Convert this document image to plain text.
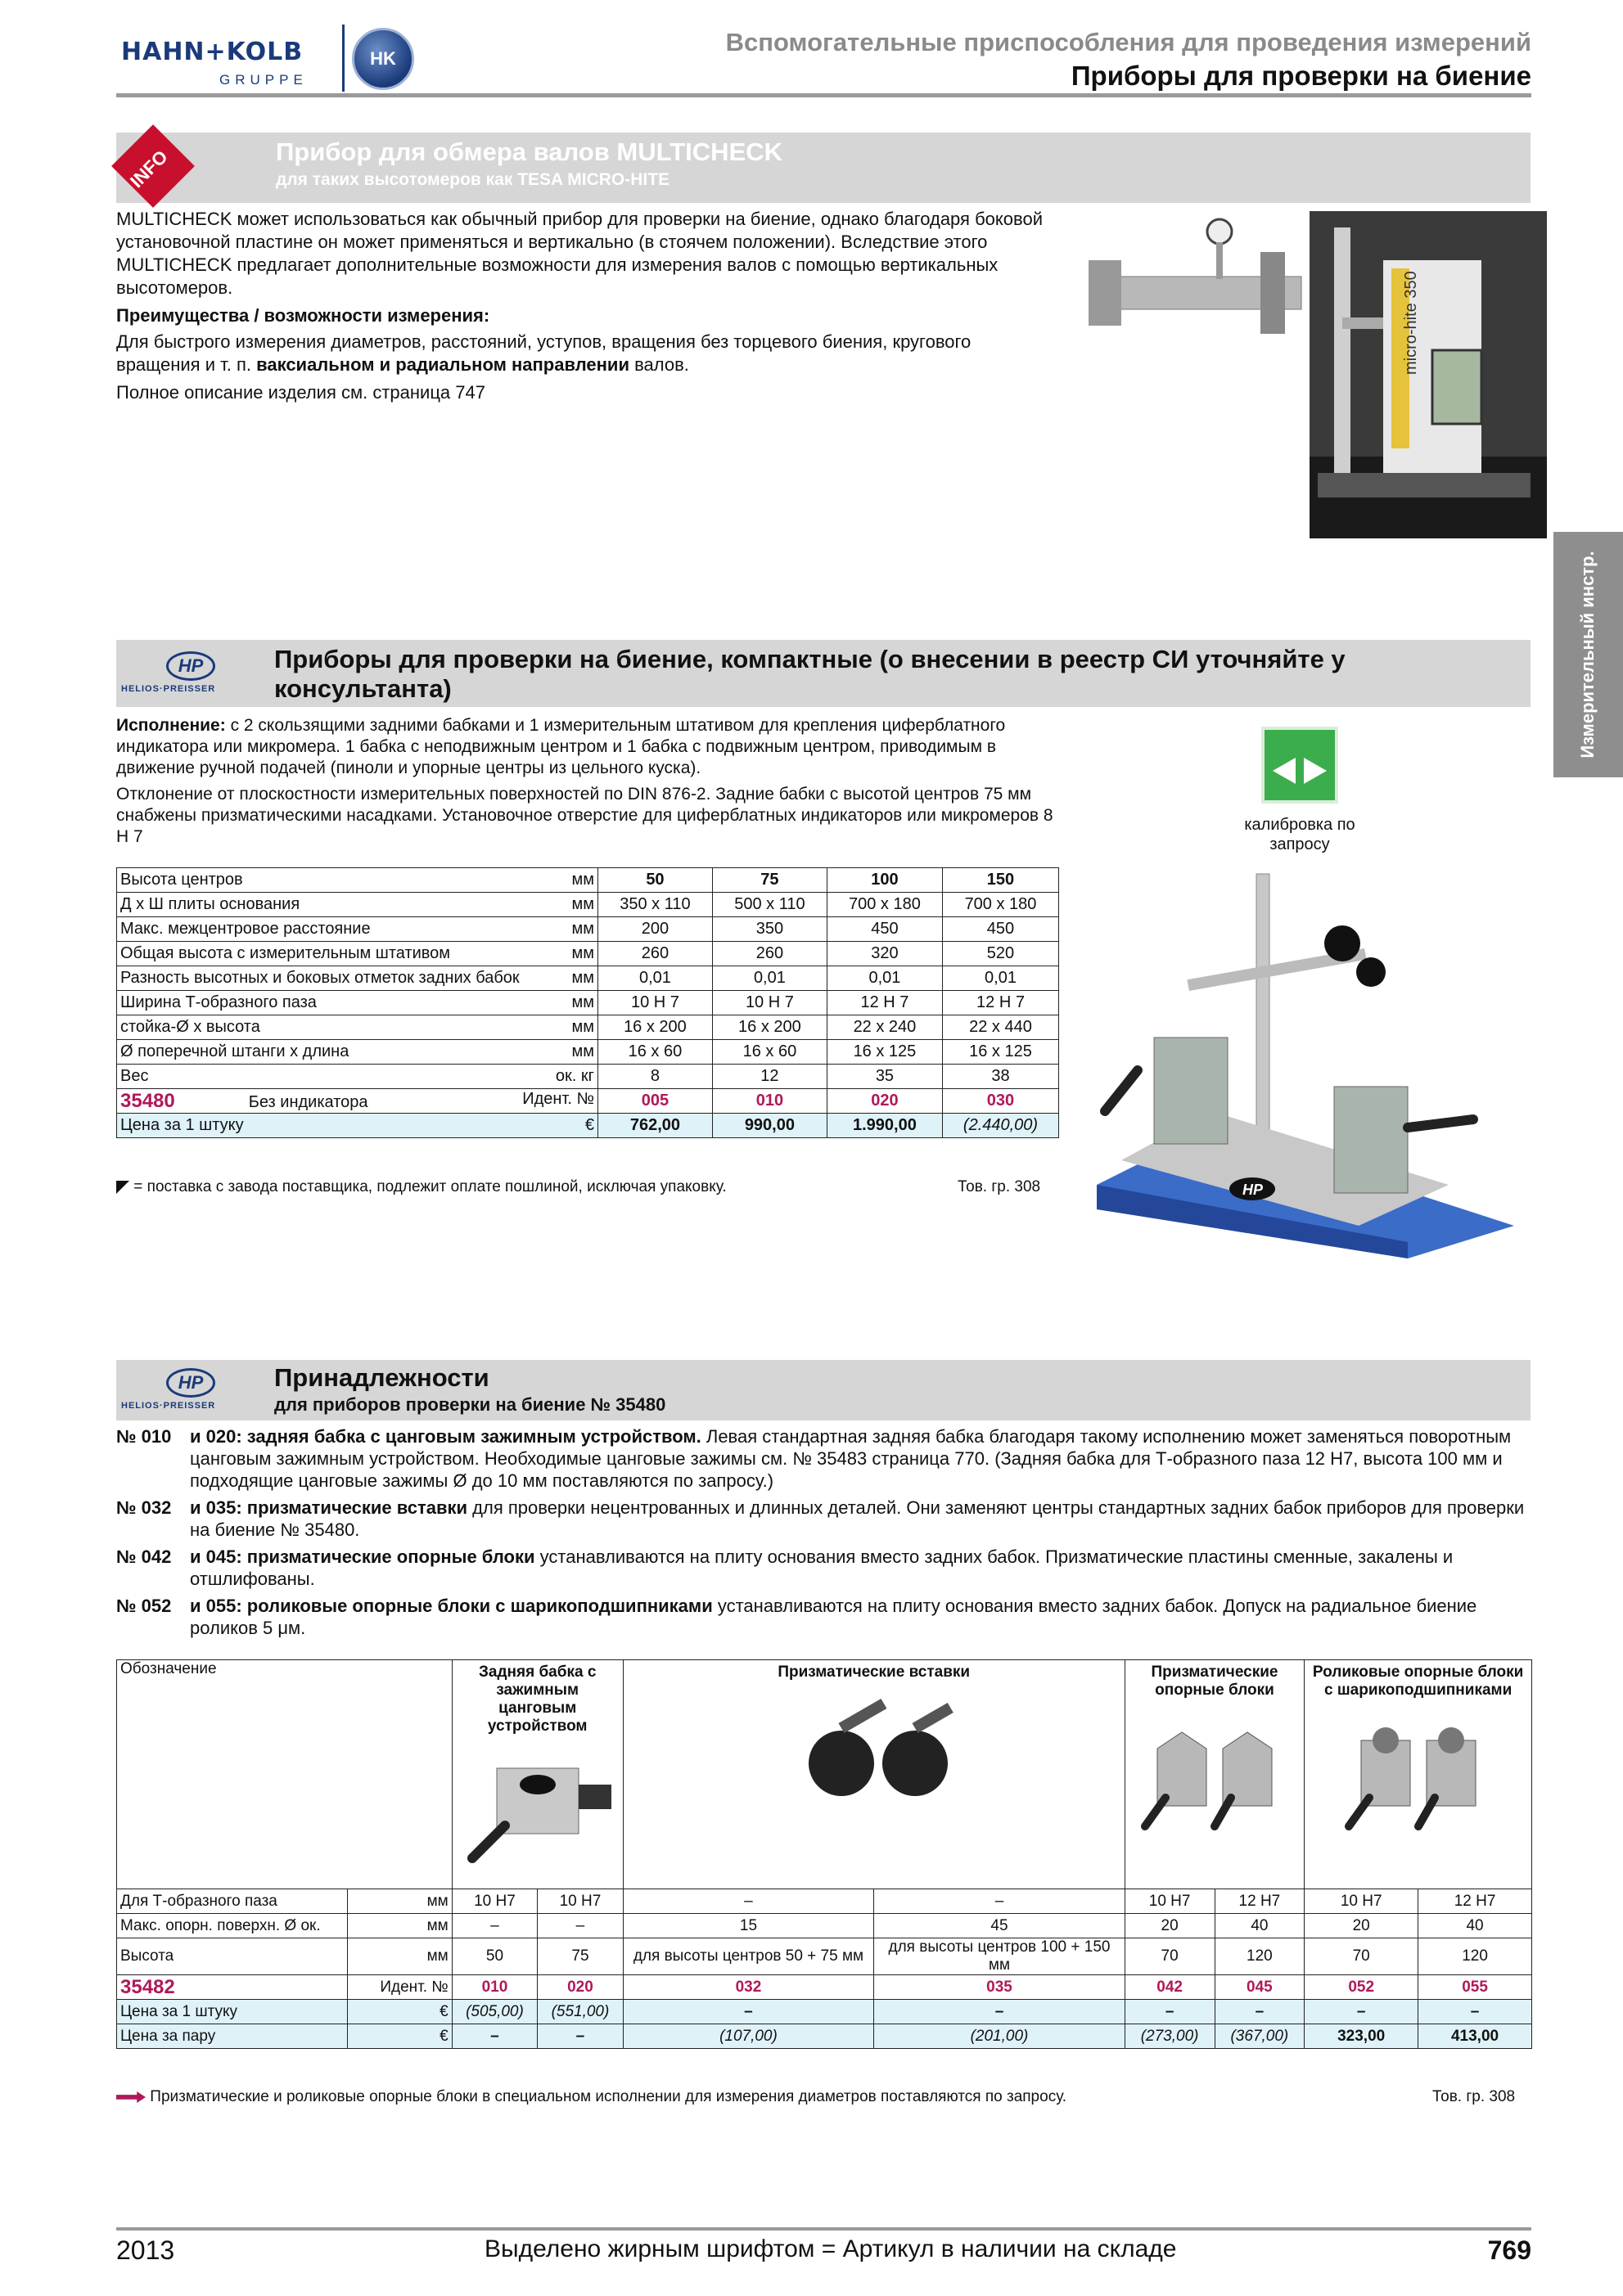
HAHN+KOLB
GRUPPE
HK
Вспомогательные приспособления для проведения измерений
Приборы для проверки на биение
Измерительный инстр.
Прибор для обмера валов MULTICHECK
для таких высотомеров как TESA MICRO-HITE
INFO
MULTICHECK может использоваться как обычный прибор для проверки на биение, однако благодаря боковой установочной пластине он может применяться и вертикально (в стоячем положении). Вследствие этого MULTICHECK предлагает дополнительные возможности для измерения валов с помощью вертикальных высотомеров.
Преимущества / возможности измерения:
Для быстрого измерения диаметров, расстояний, уступов, вращения без торцевого биения, кругового вращения и т. п. ваксиальном и радиальном направлении валов.
Полное описание изделия см. страница 747
micro-hite 350
HP
HELIOS·PREISSER
Приборы для проверки на биение, компактные (о внесении в реестр СИ уточняйте у консультанта)
Исполнение: с 2 скользящими задними бабками и 1 измерительным штативом для крепления циферблатного индикатора или микромера. 1 бабка с неподвижным центром и 1 бабка с подвижным центром, приводимым в движение ручной подачей (пиноли и упорные центры из цельного куска).
Отклонение от плоскостности измерительных поверхностей по DIN 876-2. Задние бабки с высотой центров 75 мм снабжены призматическими насадками. Установочное отверстие для циферблатных индикаторов или микромеров 8 Н 7
калибровка по запросу
Высота центров	мм	50	75	100	150
Д х Ш плиты основания	мм	350 x 110	500 x 110	700 x 180	700 x 180
Макс. межцентровое расстояние	мм	200	350	450	450
Общая высота с измерительным штативом	мм	260	260	320	520
Разность высотных и боковых отметок задних бабок	мм	0,01	0,01	0,01	0,01
Ширина Т-образного паза	мм	10 H 7	10 H 7	12 H 7	12 H 7
стойка-Ø х высота	мм	16 x 200	16 x 200	22 x 240	22 x 440
Ø поперечной штанги х длина	мм	16 x 60	16 x 60	16 x 125	16 x 125
Вес	ок. кг	8	12	35	38
35480 Без индикатора Идент. №		005	010	020	030
Цена за 1 штуку	€	762,00	990,00	1.990,00	(2.440,00)
= поставка с завода поставщика, подлежит оплате пошлиной, исключая упаковку.	Тов. гр. 308	HP
HP
HELIOS·PREISSER
Принадлежности
для приборов проверки на биение № 35480
№ 010 и 020: задняя бабка с цанговым зажимным устройством. Левая стандартная задняя бабка благодаря такому исполнению может заменяться поворотным цанговым зажимным устройством. Необходимые цанговые зажимы см. № 35483 страница 770. (Задняя бабка для Т-образного паза 12 H7, высота 100 мм и подходящие цанговые зажимы Ø до 10 мм поставляются по запросу.)
№ 032 и 035: призматические вставки для проверки нецентрованных и длинных деталей. Они заменяют центры стандартных задних бабок приборов для проверки на биение № 35480.
№ 042 и 045: призматические опорные блоки устанавливаются на плиту основания вместо задних бабок. Призматические пластины сменные, закалены и отшлифованы.
№ 052 и 055: роликовые опорные блоки с шарикоподшипниками устанавливаются на плиту основания вместо задних бабок. Допуск на радиальное биение роликов 5 μм.
Обозначение		Задняя бабка с зажимным цанговым устройством		Призматические вставки		Призматические опорные блоки		Роликовые опорные блоки с шарикоподшипниками	

Для Т-образного паза	мм	10 H7	10 H7	–	–	10 H7	12 H7	10 H7	12 H7
Макс. опорн. поверхн. Ø ок.	мм	–	–	15	45	20	40	20	40
Высота	мм	50	75	для высоты центров 50 + 75 мм	для высоты центров 100 + 150 мм	70	120	70	120
35482	Идент. №	010	020	032	035	042	045	052	055
Цена за 1 штуку	€	(505,00)	(551,00)	–	–	–	–	–	–
Цена за пару	€	–	–	(107,00)	(201,00)	(273,00)	(367,00)	323,00	413,00
Призматические и роликовые опорные блоки в специальном исполнении для измерения диаметров поставляются по запросу.	Тов. гр. 308
2013	Выделено жирным шрифтом = Артикул в наличии на складе	769
